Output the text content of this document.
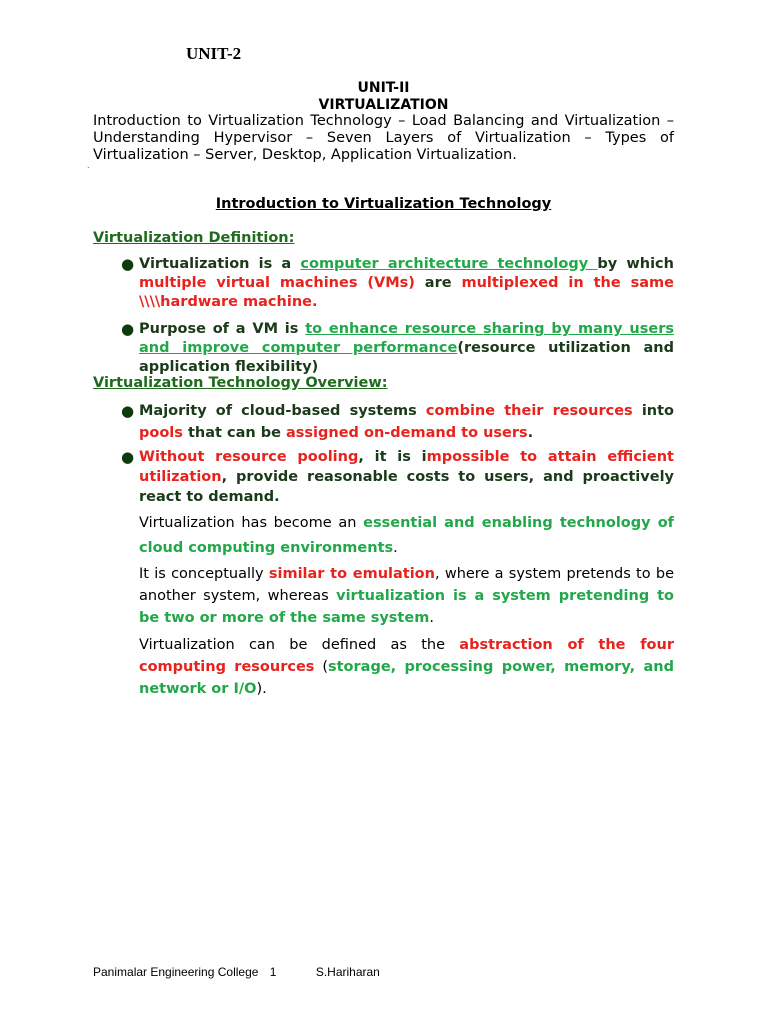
UNIT-2
UNIT-II
VIRTUALIZATION
Introduction to Virtualization Technology – Load Balancing and Virtualization – Understanding Hypervisor – Seven Layers of Virtualization – Types of Virtualization – Server, Desktop, Application Virtualization.
.
Introduction to Virtualization Technology
Virtualization Definition:
● Virtualization is a computer architecture technology by which multiple virtual machines (VMs) are multiplexed in the same \\\\hardware machine.
● Purpose of a VM is to enhance resource sharing by many users and improve computer performance(resource utilization and application flexibility)
Virtualization Technology Overview:
● Majority of cloud-based systems combine their resources into pools that can be assigned on-demand to users.
● Without resource pooling, it is impossible to attain efficient utilization, provide reasonable costs to users, and proactively react to demand.
Virtualization has become an essential and enabling technology of cloud computing environments.
It is conceptually similar to emulation, where a system pretends to be another system, whereas virtualization is a system pretending to be two or more of the same system.
Virtualization can be defined as the abstraction of the four computing resources (storage, processing power, memory, and network or I/O).
Panimalar Engineering College 1	S.Hariharan
